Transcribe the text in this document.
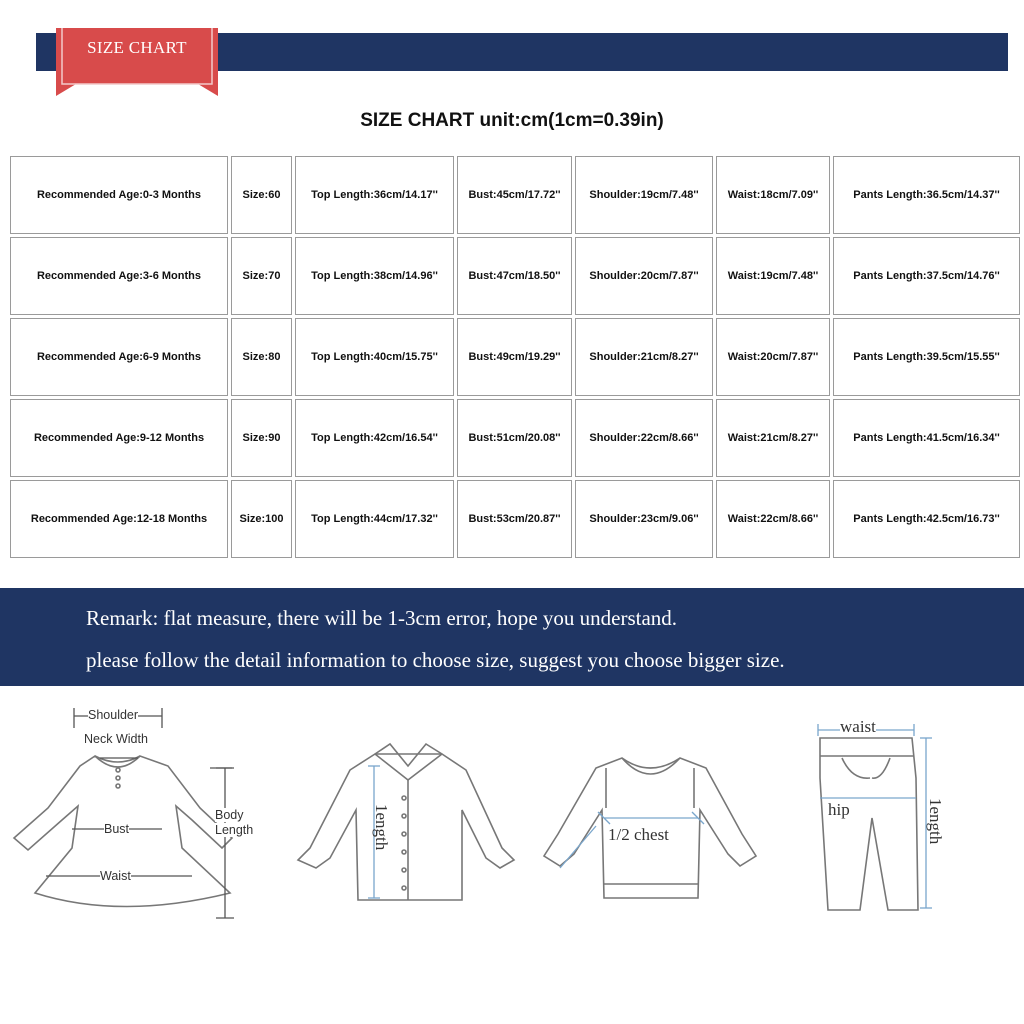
SIZE CHART
SIZE CHART unit:cm(1cm=0.39in)
Recommended Age:0-3 Months	Size:60	Top Length:36cm/14.17''	Bust:45cm/17.72''	Shoulder:19cm/7.48''	Waist:18cm/7.09''	Pants Length:36.5cm/14.37''
Recommended Age:3-6 Months	Size:70	Top Length:38cm/14.96''	Bust:47cm/18.50''	Shoulder:20cm/7.87''	Waist:19cm/7.48''	Pants Length:37.5cm/14.76''
Recommended Age:6-9 Months	Size:80	Top Length:40cm/15.75''	Bust:49cm/19.29''	Shoulder:21cm/8.27''	Waist:20cm/7.87''	Pants Length:39.5cm/15.55''
Recommended Age:9-12 Months	Size:90	Top Length:42cm/16.54''	Bust:51cm/20.08''	Shoulder:22cm/8.66''	Waist:21cm/8.27''	Pants Length:41.5cm/16.34''
Recommended Age:12-18 Months	Size:100	Top Length:44cm/17.32''	Bust:53cm/20.87''	Shoulder:23cm/9.06''	Waist:22cm/8.66''	Pants Length:42.5cm/16.73''
Remark: flat measure, there will be 1-3cm error, hope you understand.
please follow the detail information to choose size, suggest you choose bigger size.
Shoulder
Neck Width
Bust
Waist
Body
Length	1ength	1/2 chest
waist
hip	1ength
